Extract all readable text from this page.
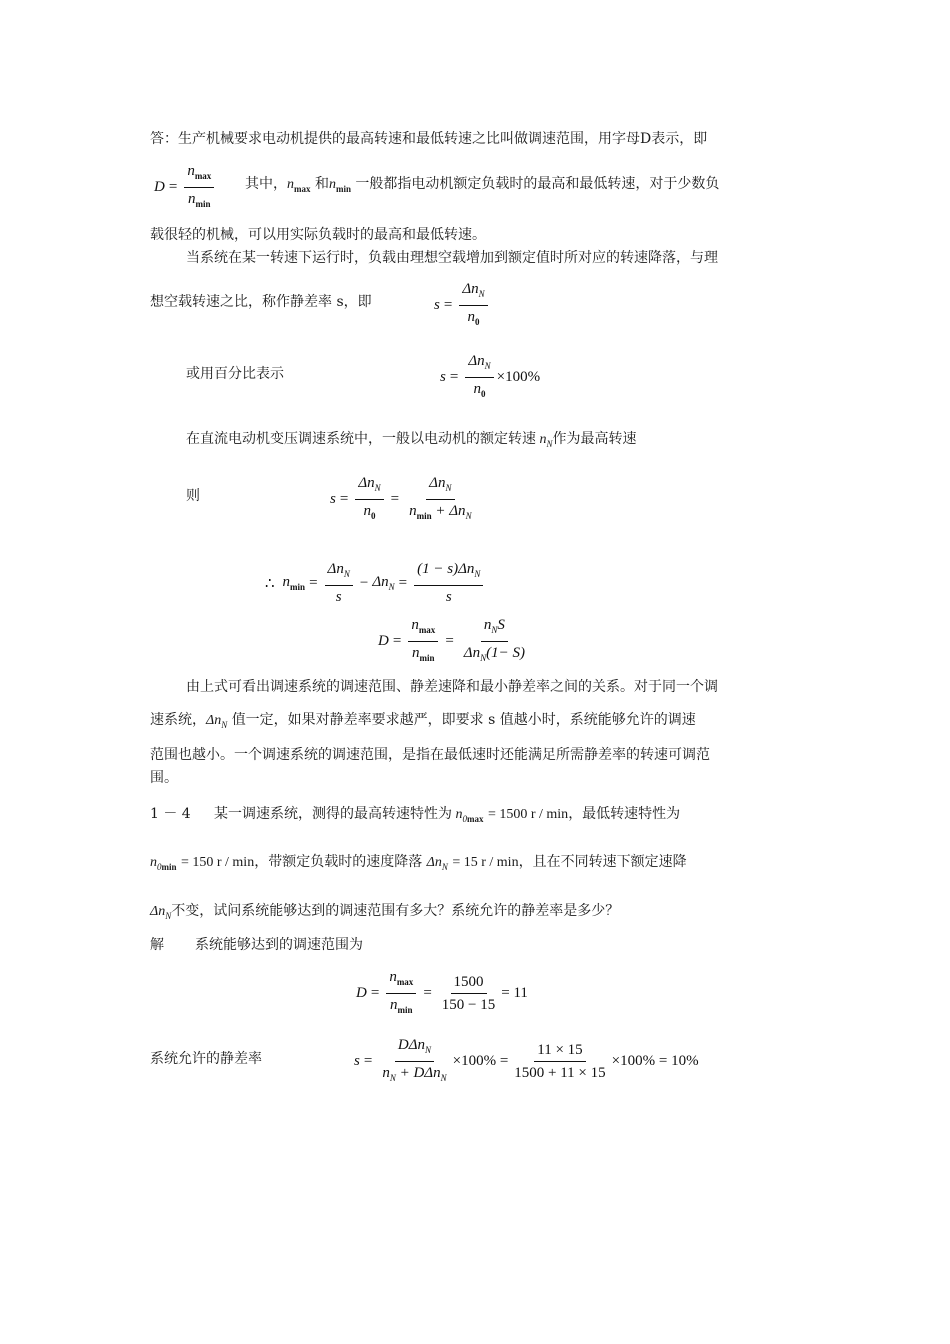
答：生产机械要求电动机提供的最高转速和最低转速之比叫做调速范围，用字母D表示，即
$D = \frac{n_{max}}{n_{min}}$ 其中，$n_{max}$ 和$n_{min}$ 一般都指电动机额定负载时的最高和最低转速，对于少数负
载很轻的机械，可以用实际负载时的最高和最低转速。
当系统在某一转速下运行时，负载由理想空载增加到额定值时所对应的转速降落，与理
想空载转速之比，称作静差率 s，即	$s = \frac{\Delta n_N}{n_0}$
或用百分比表示	$s = \frac{\Delta n_N}{n_0} \times 100\%$
在直流电动机变压调速系统中，一般以电动机的额定转速 $n_N$作为最高转速
则	$s = \frac{\Delta n_N}{n_0} = \frac{\Delta n_N}{n_{min} + \Delta n_N}$
∴ $n_{min} = \frac{\Delta n_N}{s} - \Delta n_N = \frac{(1 - s)\Delta n_N}{s}$
$D = \frac{n_{max}}{n_{min}} = \frac{n_NS}{\Delta n_N(1- S)}$
由上式可看出调速系统的调速范围、静差速降和最小静差率之间的关系。对于同一个调
速系统，$\Delta n_N$ 值一定，如果对静差率要求越严，即要求 s 值越小时，系统能够允许的调速
范围也越小。一个调速系统的调速范围，是指在最低速时还能满足所需静差率的转速可调范
围。
1 － 4 某一调速系统，测得的最高转速特性为 $n_{0max} = 1500$ r / min，最低转速特性为
$n_{0min} = 150$ r / min，带额定负载时的速度降落 $\Delta n_N = 15$ r / min，且在不同转速下额定速降
$\Delta n_N$不变，试问系统能够达到的调速范围有多大？系统允许的静差率是多少？
解 系统能够达到的调速范围为
$D = \frac{n_{max}}{n_{min}} = \frac{1500}{150 - 15} = 11$
系统允许的静差率	$s = \frac{D\Delta n_N}{n_N + D\Delta n_N} \times 100\% = \frac{11 \times 15}{1500 + 11 \times 15} \times 100\% = 10\%$
